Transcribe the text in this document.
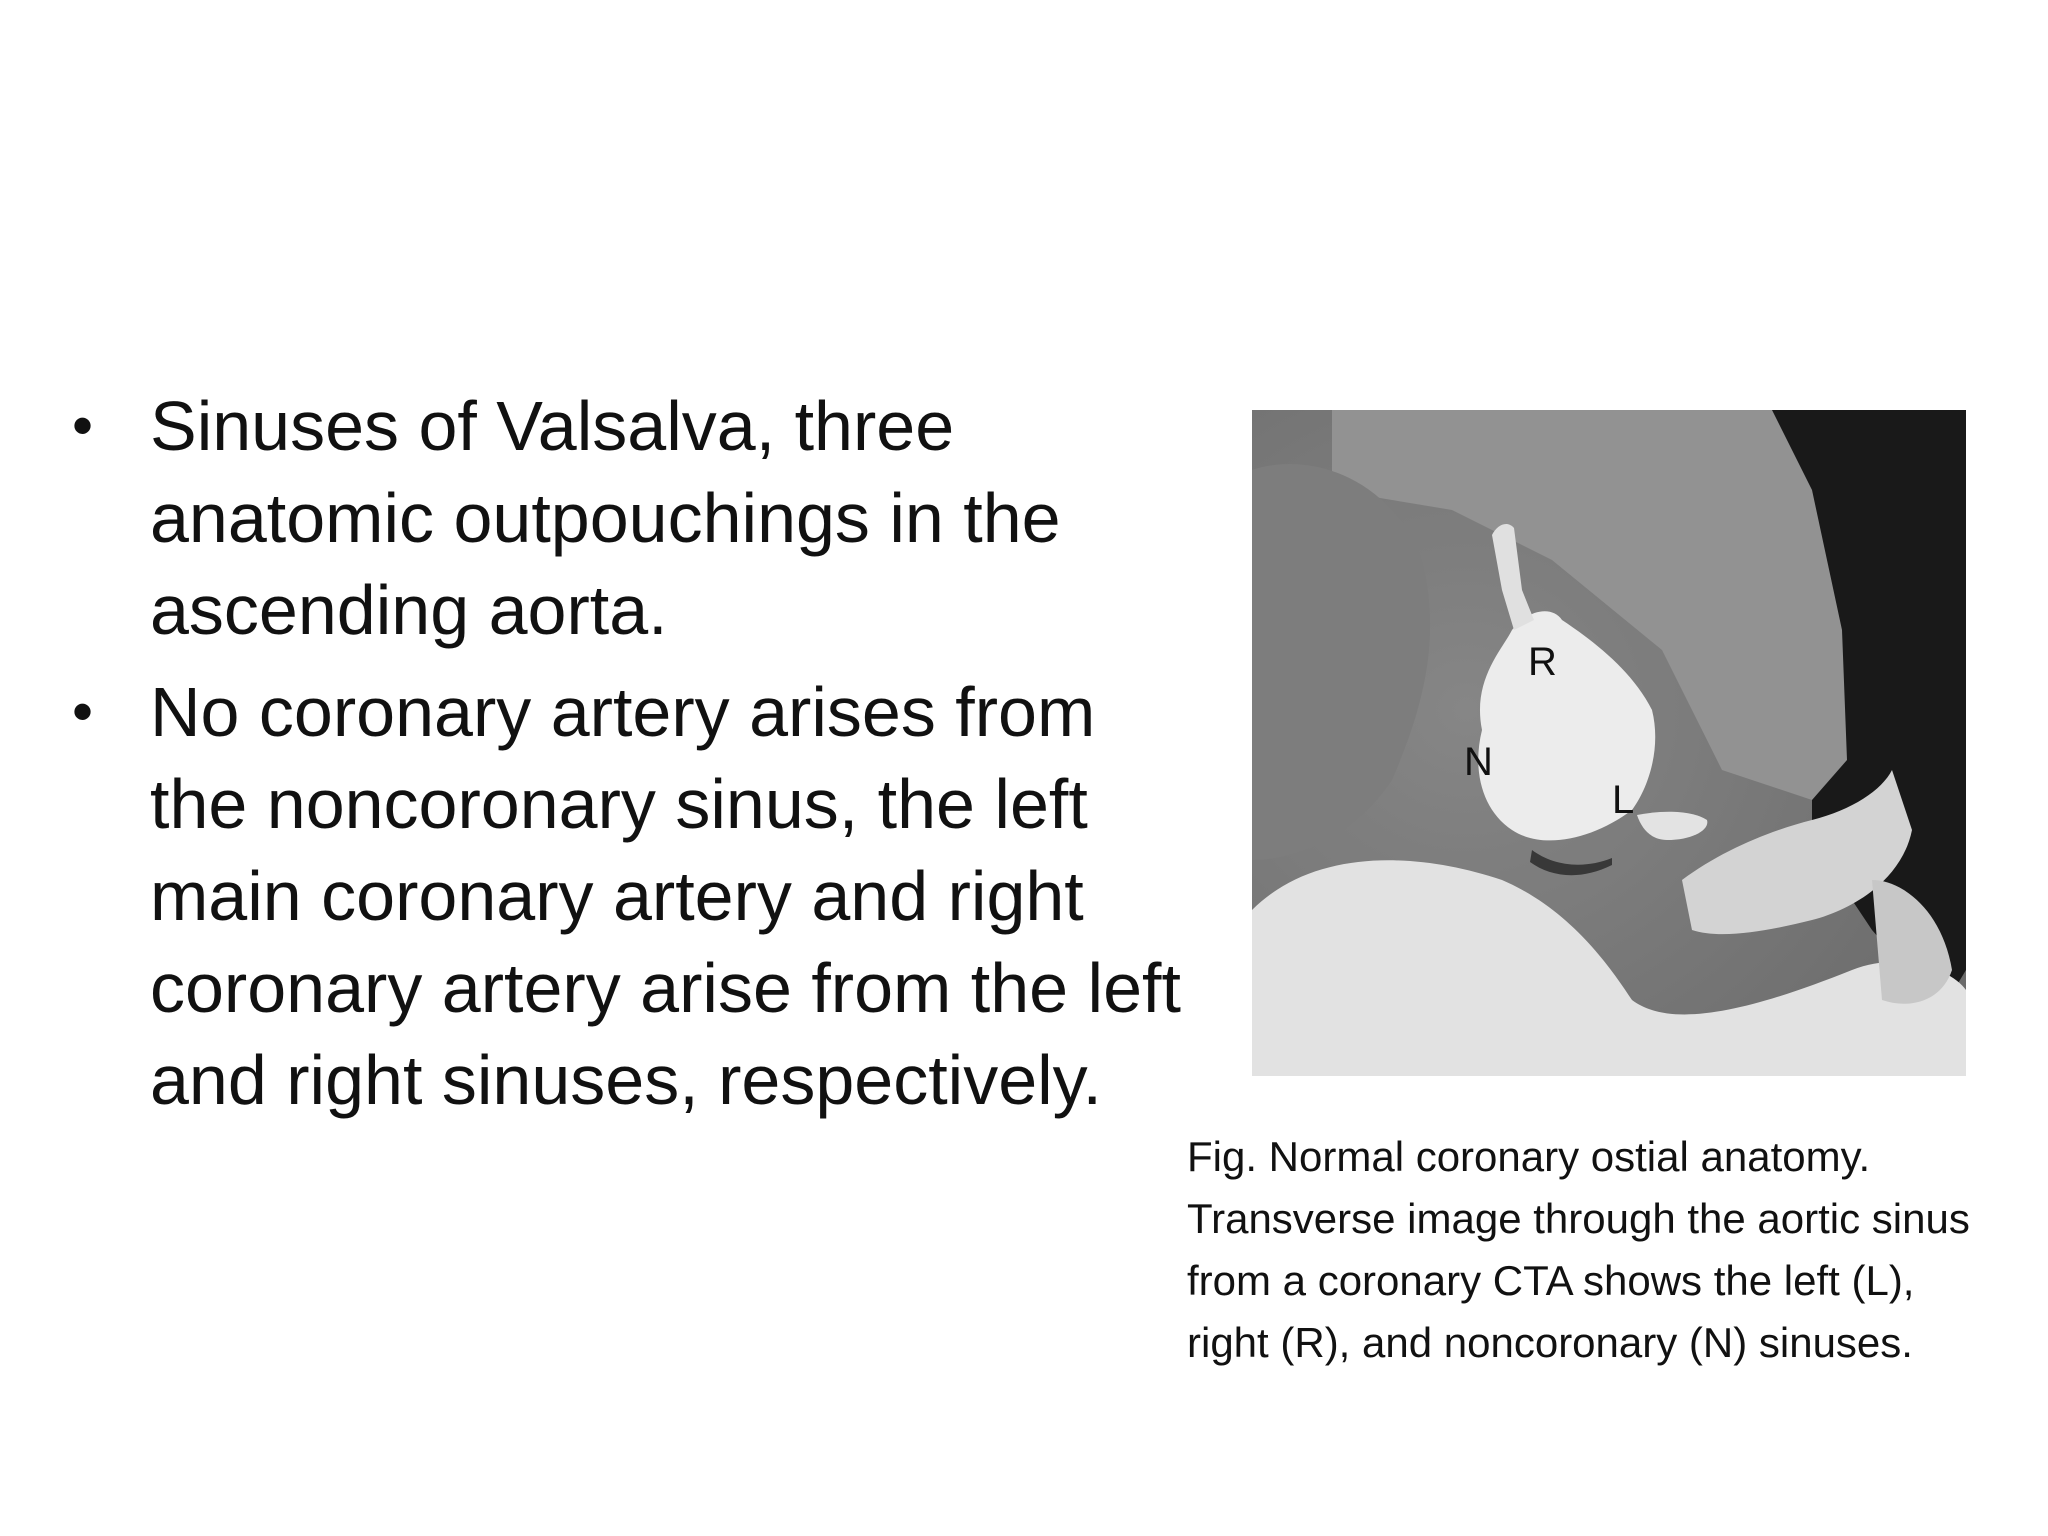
• Sinuses of Valsalva, three anatomic outpouchings in the ascending aorta.
• No coronary artery arises from the noncoronary sinus, the left main coronary artery and right coronary artery arise from the left and right sinuses, respectively.
R
N
L
Fig. Normal coronary ostial anatomy. Transverse image through the aortic sinus from a coronary CTA shows the left (L), right (R), and noncoronary (N) sinuses.
